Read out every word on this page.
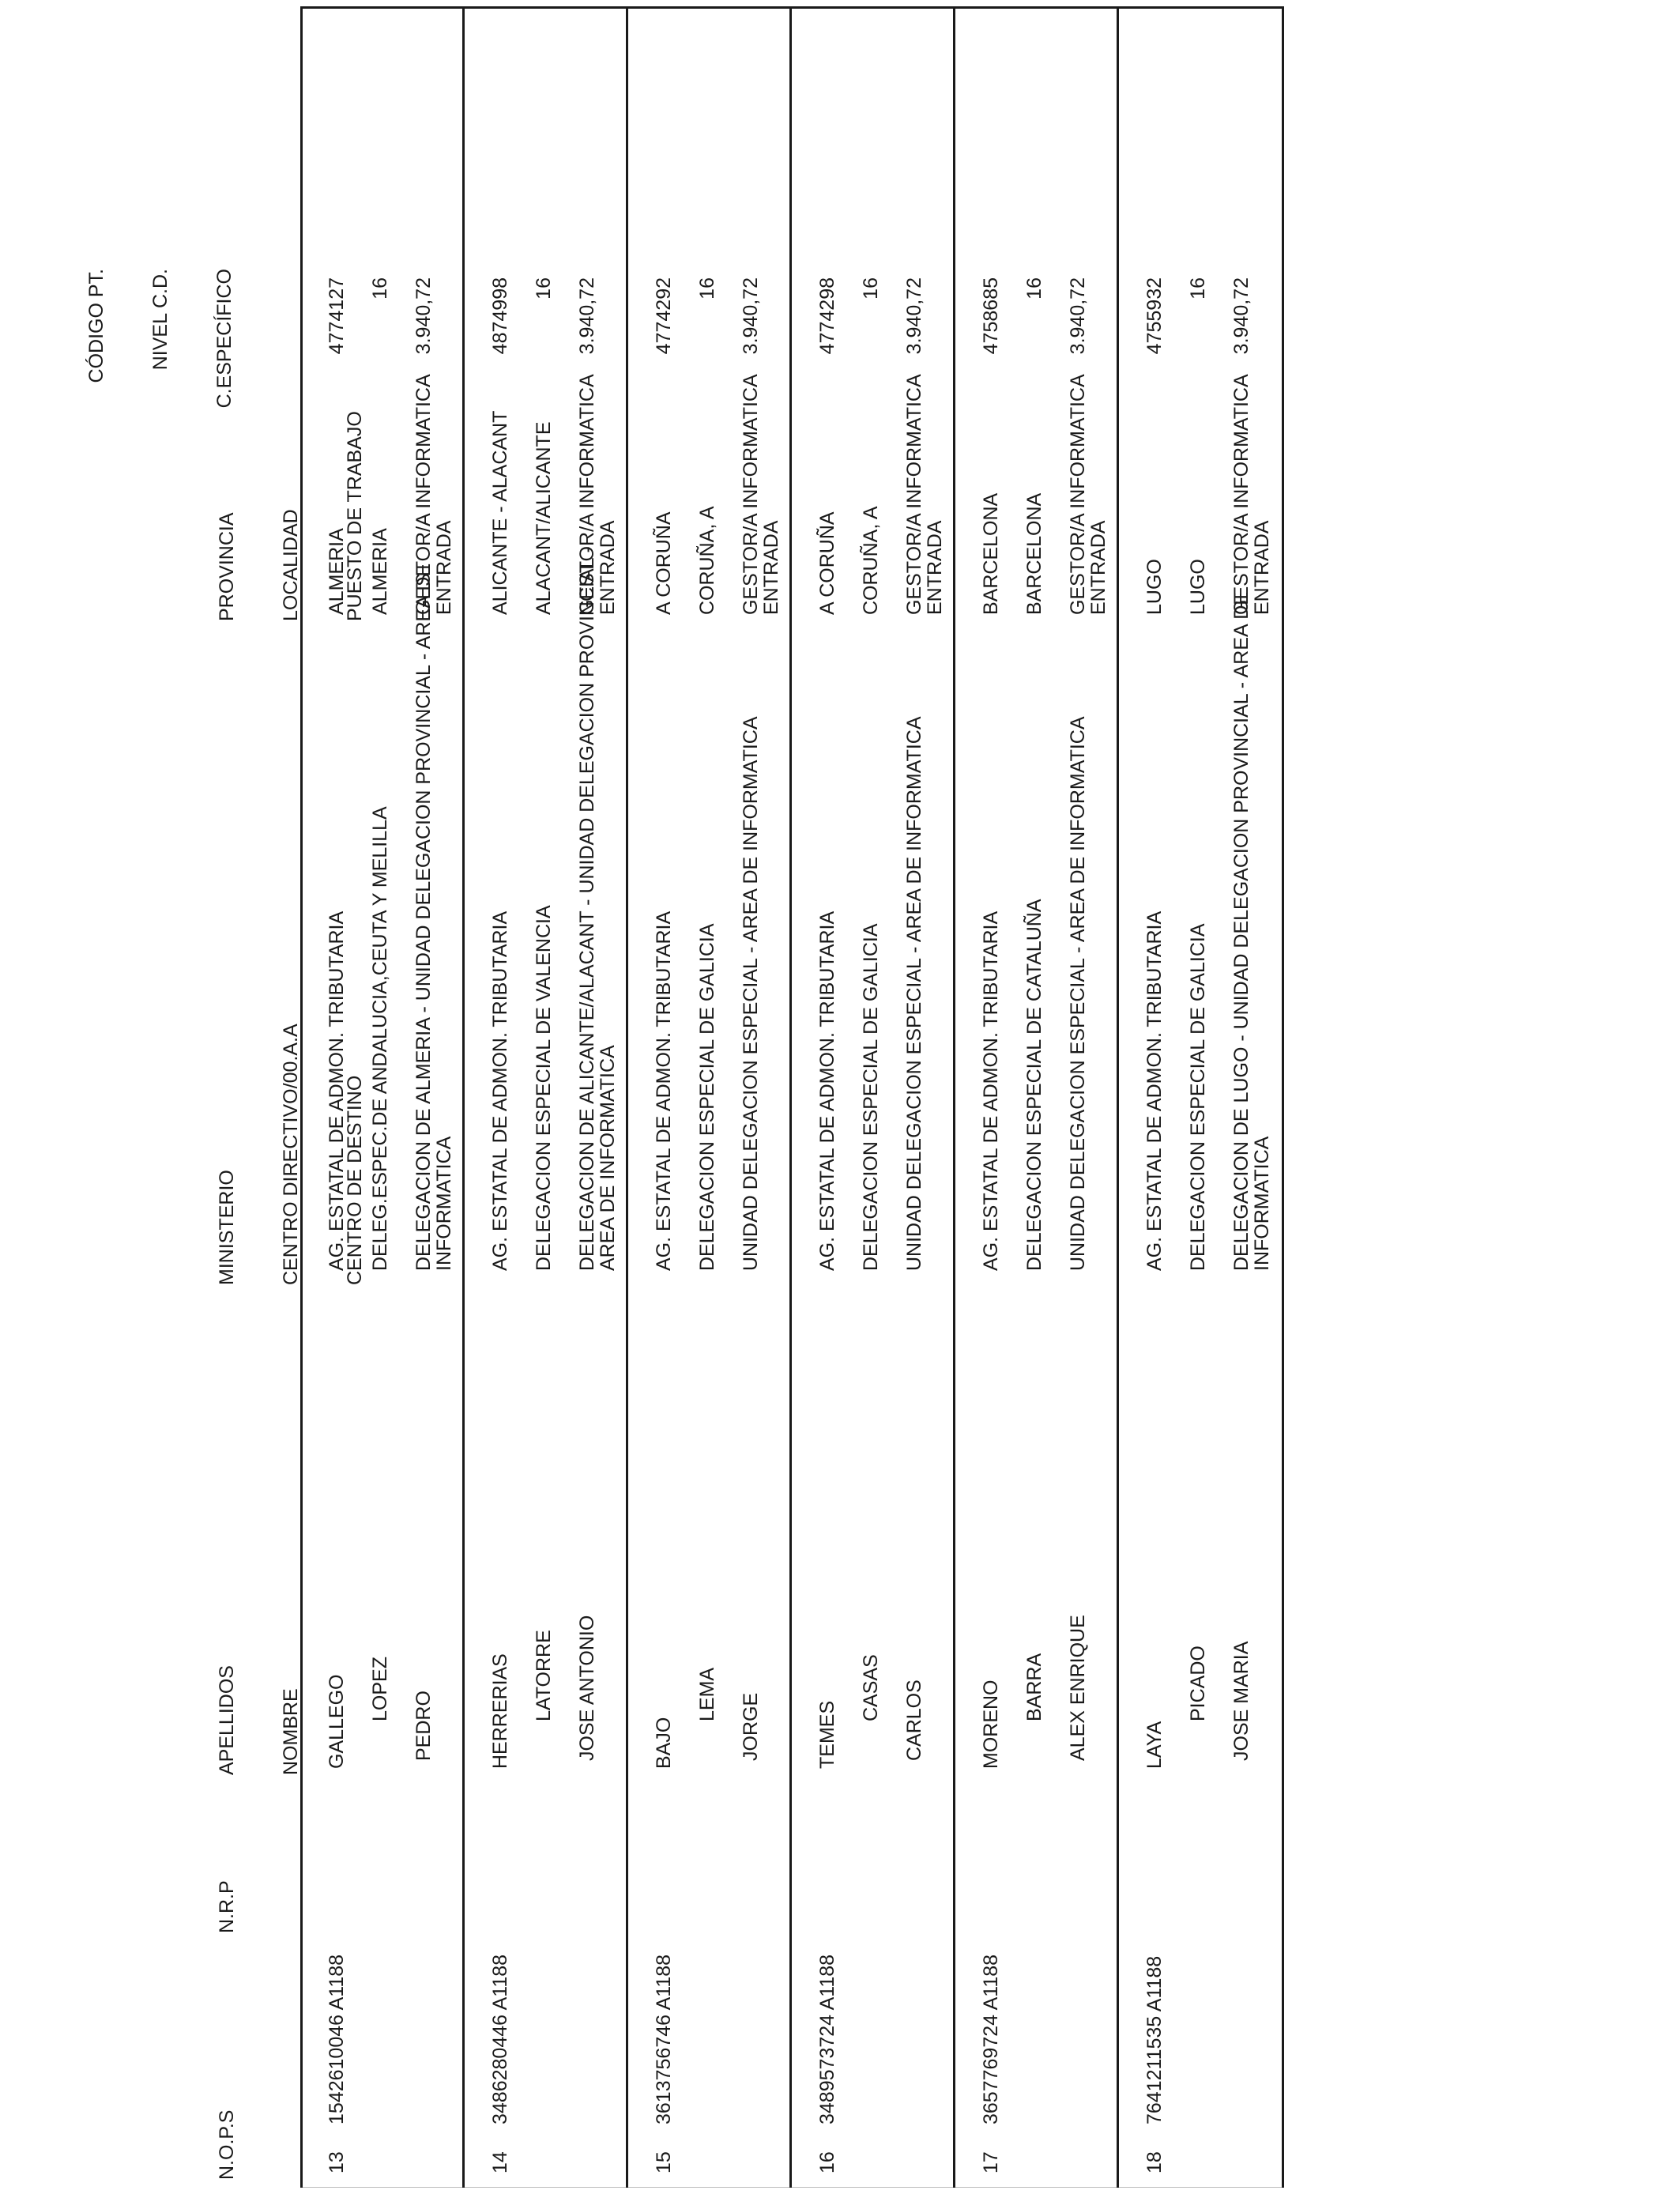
N.O.P.S

N.R.P

APELLIDOS

NOMBRE

MINISTERIO

CENTRO DIRECTIVO/00.A.A

CENTRO DE DESTINO

PROVINCIA

LOCALIDAD

PUESTO DE TRABAJO

CÓDIGO PT.

NIVEL C.D.

C.ESPECÍFICO

13
1542610046 A1188
GALLEGO LOPEZ
PEDRO
AG. ESTATAL DE ADMON. TRIBUTARIA DELEG.ESPEC.DE ANDALUCIA,CEUTA Y MELILLA DELEGACION DE ALMERIA - UNIDAD DELEGACION PROVINCIAL - AREA DE
INFORMATICA
ALMERIA ALMERIA GESTOR/A INFORMATICA
ENTRADA
4774127 16 3.940,72
14
3486280446 A1188
HERRERIAS LATORRE JOSE ANTONIO
AG. ESTATAL DE ADMON. TRIBUTARIA DELEGACION ESPECIAL DE VALENCIA DELEGACION DE ALICANTE/ALACANT - UNIDAD DELEGACION PROVINCIAL -
AREA DE INFORMATICA
ALICANTE - ALACANT ALACANT/ALICANTE GESTOR/A INFORMATICA
ENTRADA
4874998 16 3.940,72
15
3613756746 A1188
BAJO
LEMA JORGE
AG. ESTATAL DE ADMON. TRIBUTARIA DELEGACION ESPECIAL DE GALICIA UNIDAD DELEGACION ESPECIAL - AREA DE INFORMATICA
A CORUÑA CORUÑA, A GESTOR/A INFORMATICA
ENTRADA
4774292 16 3.940,72
16
3489573724 A1188
TEMES
CASAS CARLOS
AG. ESTATAL DE ADMON. TRIBUTARIA DELEGACION ESPECIAL DE GALICIA UNIDAD DELEGACION ESPECIAL - AREA DE INFORMATICA
A CORUÑA CORUÑA, A GESTOR/A INFORMATICA
ENTRADA
4774298 16 3.940,72
17
3657769724 A1188
MORENO BARRA ALEX ENRIQUE
AG. ESTATAL DE ADMON. TRIBUTARIA DELEGACION ESPECIAL DE CATALUÑA UNIDAD DELEGACION ESPECIAL - AREA DE INFORMATICA
BARCELONA BARCELONA GESTOR/A INFORMATICA
ENTRADA
4758685 16 3.940,72
18
7641211535 A1188
LAYA
PICADO JOSE MARIA
AG. ESTATAL DE ADMON. TRIBUTARIA DELEGACION ESPECIAL DE GALICIA DELEGACION DE LUGO - UNIDAD DELEGACION PROVINCIAL - AREA DE
INFORMATICA
LUGO LUGO GESTOR/A INFORMATICA
ENTRADA
4755932 16 3.940,72
